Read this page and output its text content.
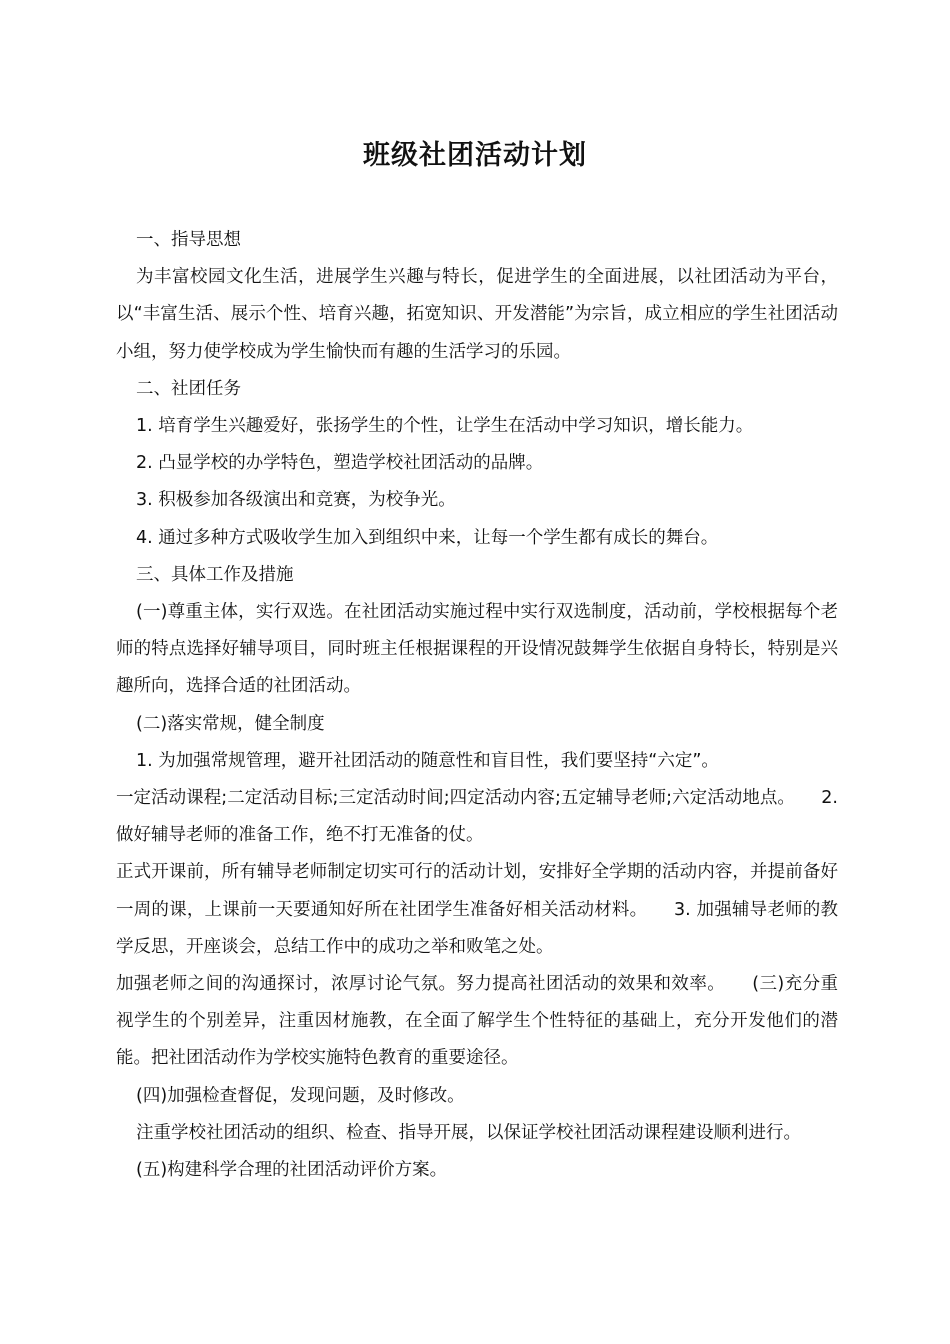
班级社团活动计划

一、指导思想

为丰富校园文化生活，进展学生兴趣与特长，促进学生的全面进展，以社团活动为平台，以“丰富生活、展示个性、培育兴趣，拓宽知识、开发潜能”为宗旨，成立相应的学生社团活动小组，努力使学校成为学生愉快而有趣的生活学习的乐园。

二、社团任务

1. 培育学生兴趣爱好，张扬学生的个性，让学生在活动中学习知识，增长能力。

2. 凸显学校的办学特色，塑造学校社团活动的品牌。

3. 积极参加各级演出和竞赛，为校争光。

4. 通过多种方式吸收学生加入到组织中来，让每一个学生都有成长的舞台。

三、具体工作及措施

(一)尊重主体，实行双选。在社团活动实施过程中实行双选制度，活动前，学校根据每个老师的特点选择好辅导项目，同时班主任根据课程的开设情况鼓舞学生依据自身特长，特别是兴趣所向，选择合适的社团活动。

(二)落实常规，健全制度

1. 为加强常规管理，避开社团活动的随意性和盲目性，我们要坚持“六定”。

一定活动课程;二定活动目标;三定活动时间;四定活动内容;五定辅导老师;六定活动地点。　　2. 做好辅导老师的准备工作，绝不打无准备的仗。

正式开课前，所有辅导老师制定切实可行的活动计划，安排好全学期的活动内容，并提前备好一周的课，上课前一天要通知好所在社团学生准备好相关活动材料。　　3. 加强辅导老师的教学反思，开座谈会，总结工作中的成功之举和败笔之处。

加强老师之间的沟通探讨，浓厚讨论气氛。努力提高社团活动的效果和效率。　　(三)充分重视学生的个别差异，注重因材施教，在全面了解学生个性特征的基础上，充分开发他们的潜能。把社团活动作为学校实施特色教育的重要途径。

(四)加强检查督促，发现问题，及时修改。

注重学校社团活动的组织、检查、指导开展，以保证学校社团活动课程建设顺利进行。

(五)构建科学合理的社团活动评价方案。
